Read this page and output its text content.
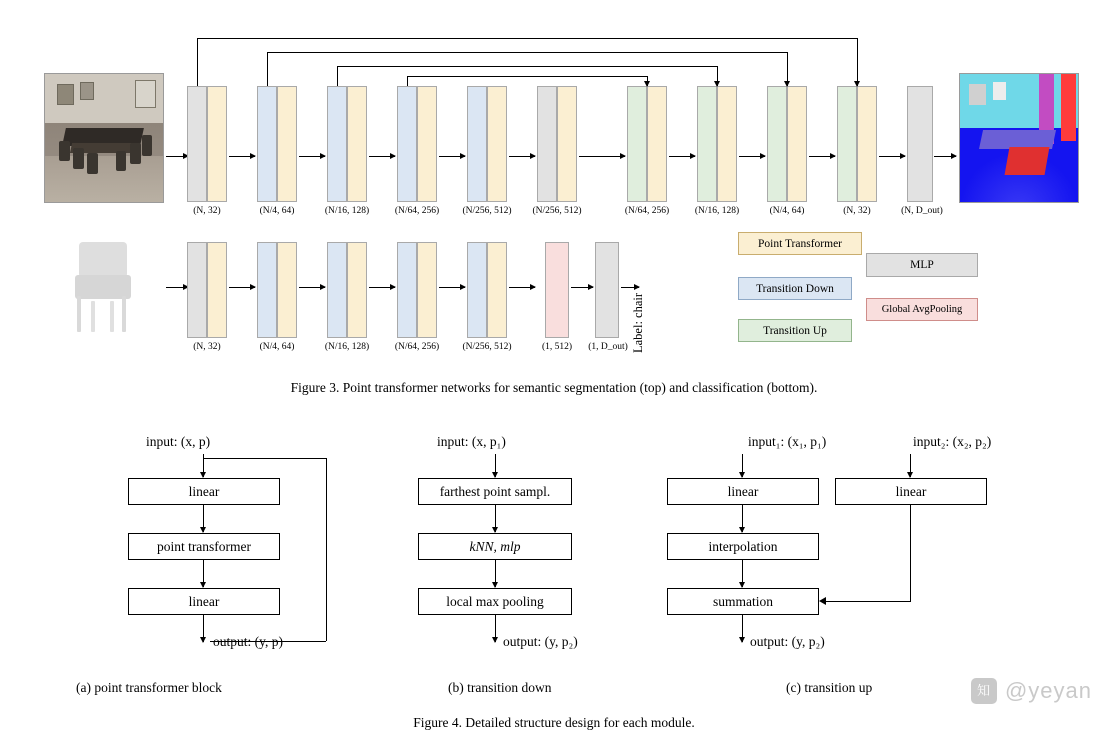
(N, 32)	(N/4, 64)	(N/16, 128)	(N/64, 256)	(N/256, 512)	(N/256, 512)	(N/64, 256)	(N/16, 128)	(N/4, 64)	(N, 32)	(N, D_out)
(N, 32)	(N/4, 64)	(N/16, 128)	(N/64, 256)	(N/256, 512)	(1, 512)	(1, D_out) Label: chair
Point Transformer
Transition Down
Transition Up
MLP
Global AvgPooling
Figure 3. Point transformer networks for semantic segmentation (top) and classification (bottom).
input: (x, p)
linear
point transformer
linear
output: (y, p)
(a) point transformer block
input: (x, p₁)
farthest point sampl.
kNN, mlp
local max pooling
output: (y, p₂)
(b) transition down
input₁: (x₁, p₁)	input₂: (x₂, p₂)
linear	linear
interpolation
summation
output: (y, p₂)
(c) transition up
Figure 4. Detailed structure design for each module.
知乎
@yeyan
